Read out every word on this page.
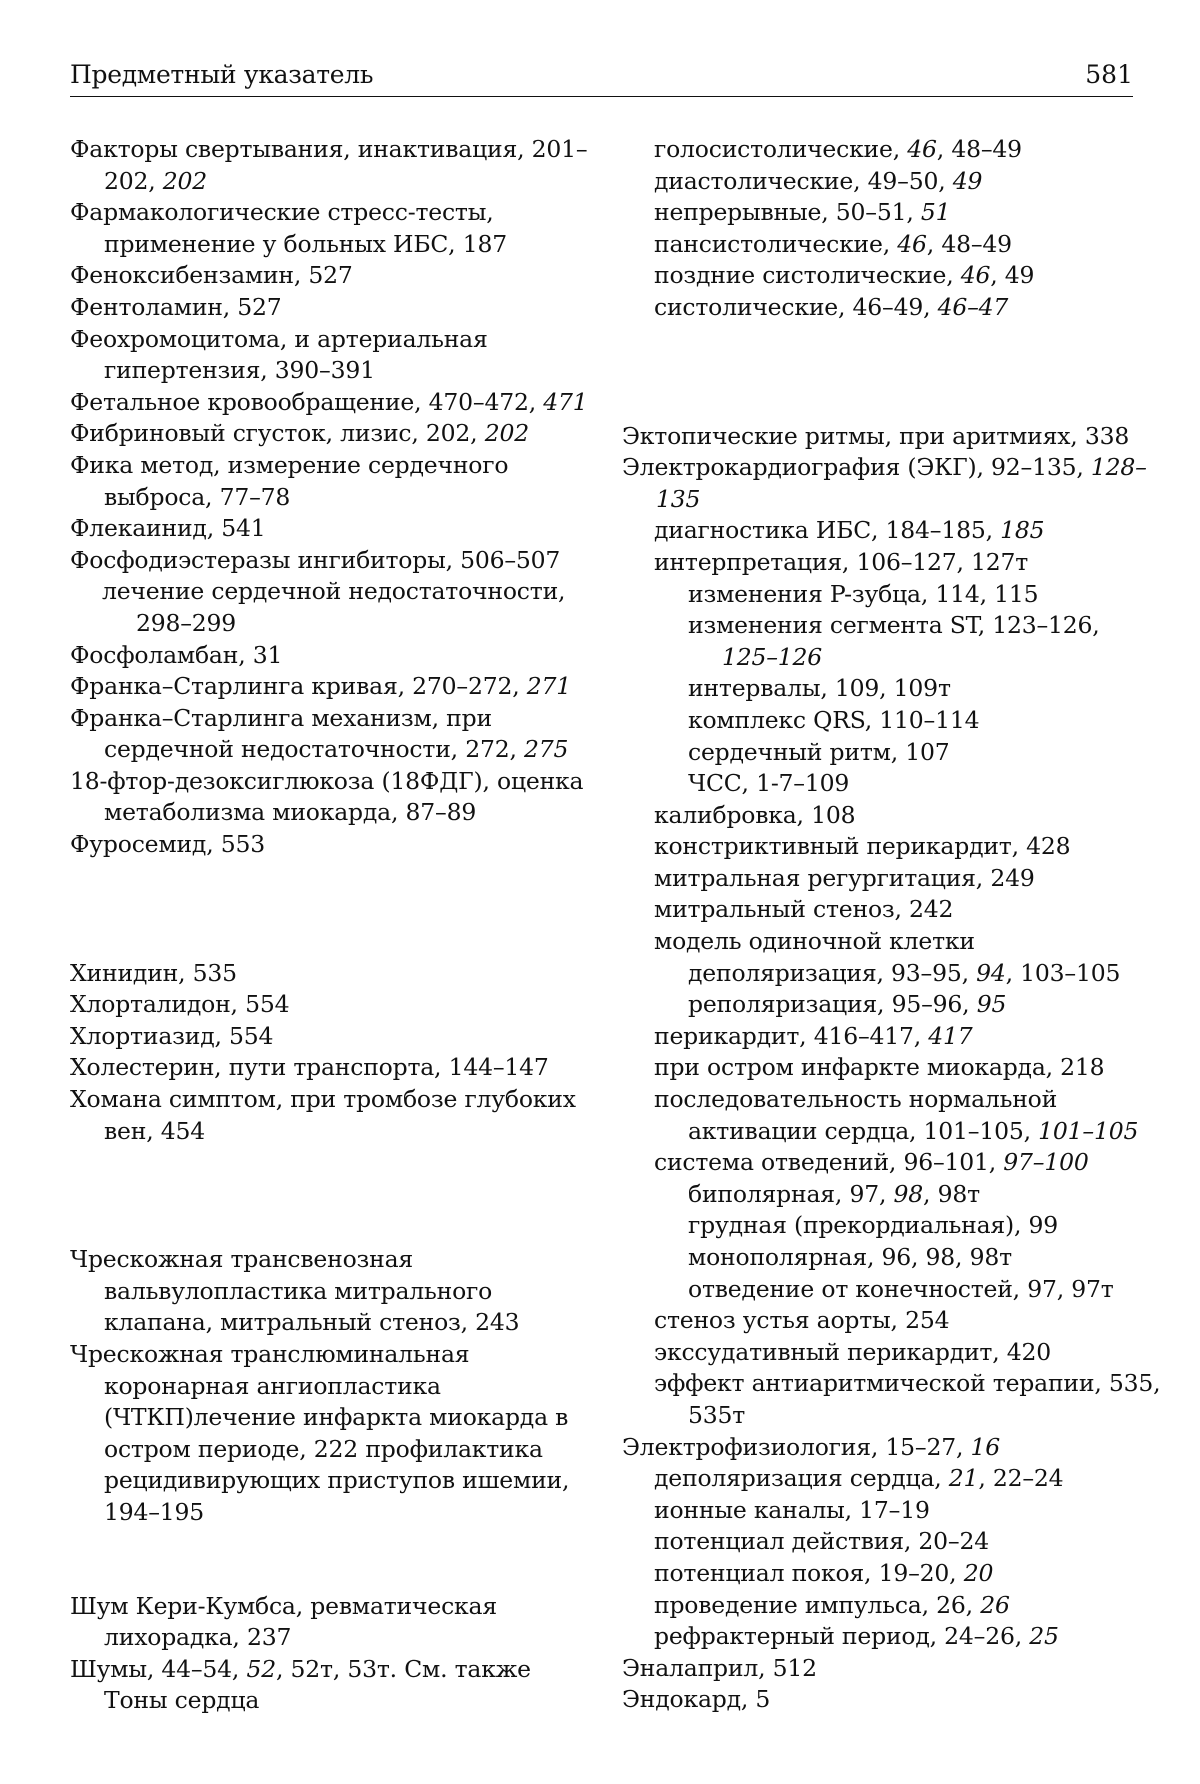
Предметный указатель	581
Факторы свертывания, инактивация, 201–202, 202
Фармакологические стресс-тесты, применение у больных ИБС, 187
Феноксибензамин, 527
Фентоламин, 527
Феохромоцитома, и артериальная гипертензия, 390–391
Фетальное кровообращение, 470–472, 471
Фибриновый сгусток, лизис, 202, 202
Фика метод, измерение сердечного выброса, 77–78
Флекаинид, 541
Фосфодиэстеразы ингибиторы, 506–507
лечение сердечной недостаточности, 298–299
Фосфоламбан, 31
Франка–Старлинга кривая, 270–272, 271
Франка–Старлинга механизм, при сердечной недостаточности, 272, 275
18-фтор-дезоксиглюкоза (18ФДГ), оценка метаболизма миокарда, 87–89
Фуросемид, 553
Хинидин, 535
Хлорталидон, 554
Хлортиазид, 554
Холестерин, пути транспорта, 144–147
Хомана симптом, при тромбозе глубоких вен, 454
Чрескожная трансвенозная вальвулопластика митрального клапана, митральный стеноз, 243
Чрескожная транслюминальная коронарная ангиопластика (ЧТКП)лечение инфаркта миокарда в остром периоде, 222 профилактика рецидивирующих приступов ишемии, 194–195
Шум Кери-Кумбса, ревматическая лихорадка, 237
Шумы, 44–54, 52, 52т, 53т. См. также Тоны сердца
голосистолические, 46, 48–49
диастолические, 49–50, 49
непрерывные, 50–51, 51
пансистолические, 46, 48–49
поздние систолические, 46, 49
систолические, 46–49, 46–47
Эктопические ритмы, при аритмиях, 338
Электрокардиография (ЭКГ), 92–135, 128–135
диагностика ИБС, 184–185, 185
интерпретация, 106–127, 127т
изменения P-зубца, 114, 115
изменения сегмента ST, 123–126, 125–126
интервалы, 109, 109т
комплекс QRS, 110–114
сердечный ритм, 107
ЧСС, 1-7–109
калибровка, 108
констриктивный перикардит, 428
митральная регургитация, 249
митральный стеноз, 242
модель одиночной клетки
деполяризация, 93–95, 94, 103–105
реполяризация, 95–96, 95
перикардит, 416–417, 417
при остром инфаркте миокарда, 218
последовательность нормальной активации сердца, 101–105, 101–105
система отведений, 96–101, 97–100
биполярная, 97, 98, 98т
грудная (прекордиальная), 99
монополярная, 96, 98, 98т
отведение от конечностей, 97, 97т
стеноз устья аорты, 254
экссудативный перикардит, 420
эффект антиаритмической терапии, 535, 535т
Электрофизиология, 15–27, 16
деполяризация сердца, 21, 22–24
ионные каналы, 17–19
потенциал действия, 20–24
потенциал покоя, 19–20, 20
проведение импульса, 26, 26
рефрактерный период, 24–26, 25
Эналаприл, 512
Эндокард, 5
